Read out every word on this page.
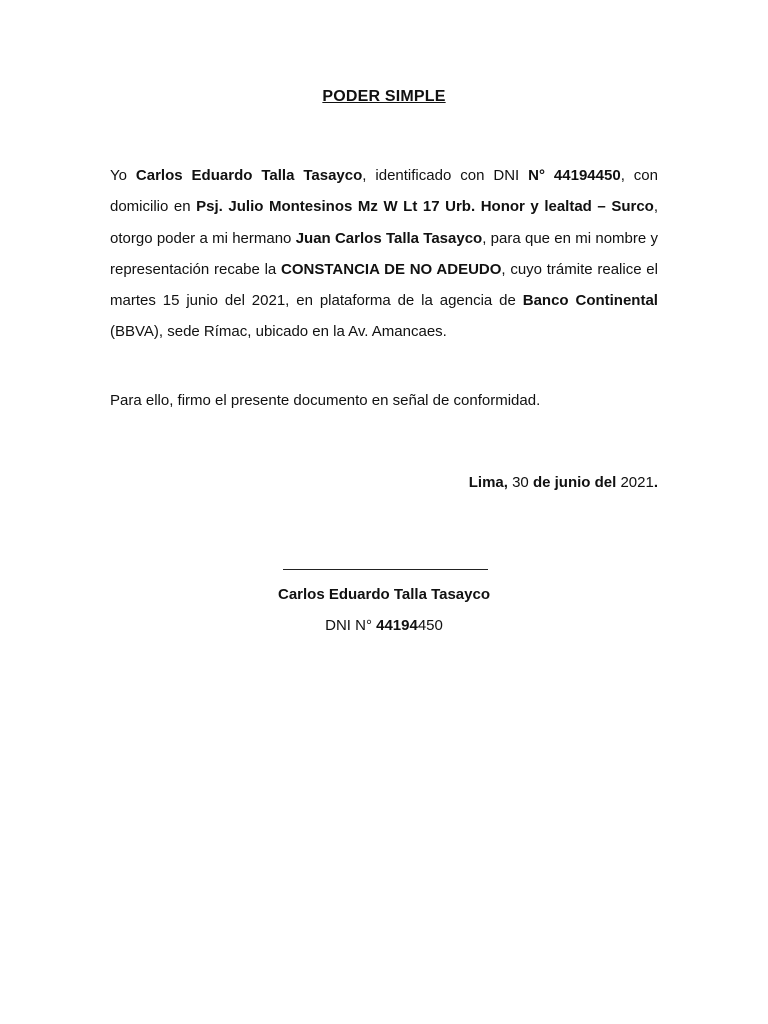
PODER SIMPLE

Yo Carlos Eduardo Talla Tasayco, identificado con DNI N° 44194450, con domicilio en Psj. Julio Montesinos Mz W Lt 17 Urb. Honor y lealtad – Surco, otorgo poder a mi hermano Juan Carlos Talla Tasayco, para que en mi nombre y representación recabe la CONSTANCIA DE NO ADEUDO, cuyo trámite realice el martes 15 junio del 2021, en plataforma de la agencia de Banco Continental (BBVA), sede Rímac, ubicado en la Av. Amancaes.

Para ello, firmo el presente documento en señal de conformidad.
Lima, 30 de junio del 2021.
Carlos Eduardo Talla Tasayco
DNI N° 44194450
